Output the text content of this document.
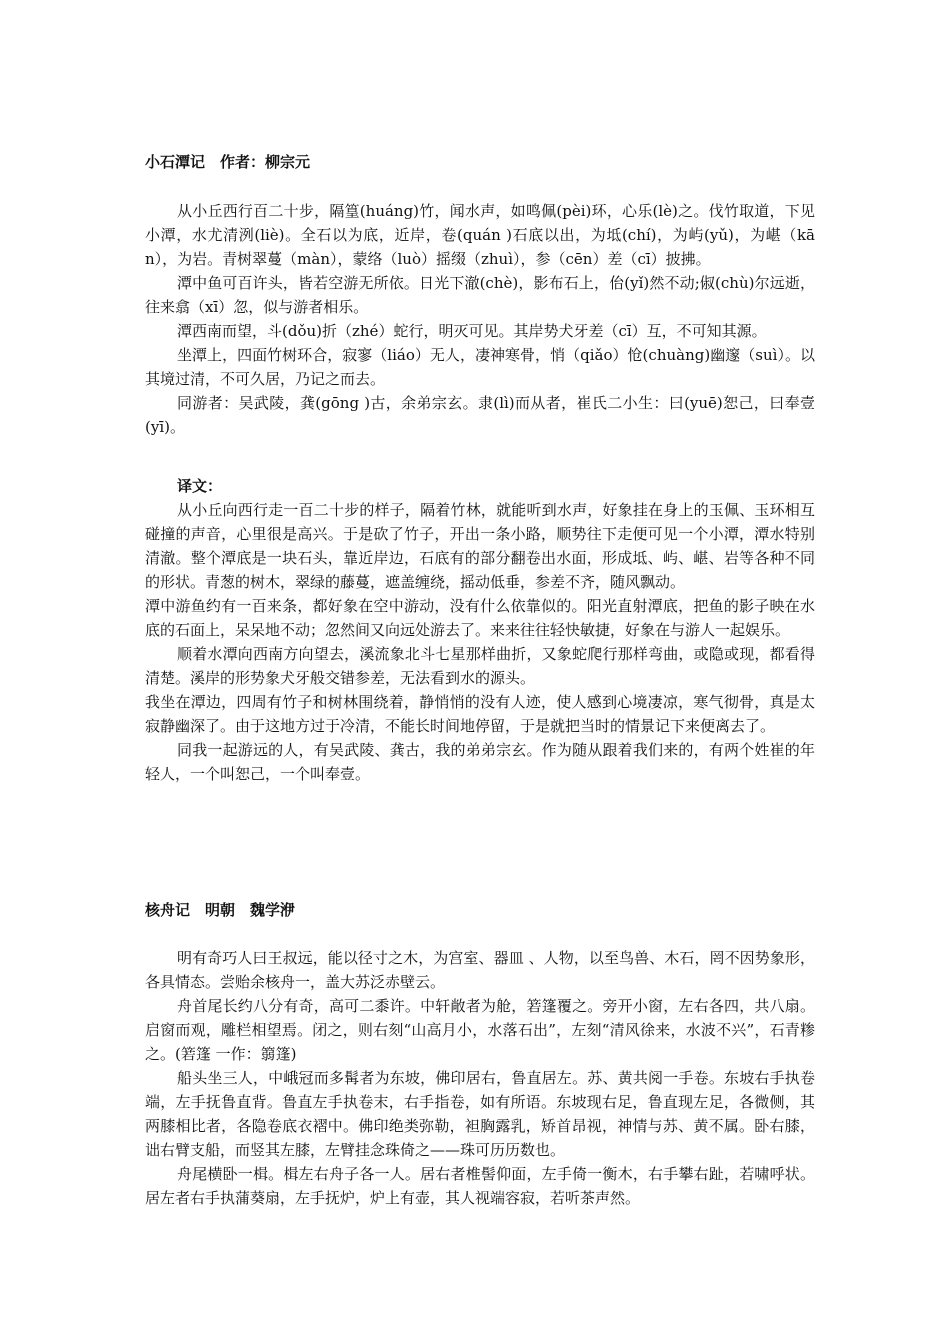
小石潭记　作者：柳宗元

从小丘西行百二十步，隔篁(huáng)竹，闻水声，如鸣佩(pèi)环，心乐(lè)之。伐竹取道，下见小潭，水尤清洌(liè)。全石以为底，近岸，卷(quán )石底以出，为坻(chí)，为屿(yǔ)，为嵁（kān），为岩。青树翠蔓（màn），蒙络（luò）摇缀（zhuì），参（cēn）差（cī）披拂。

潭中鱼可百许头，皆若空游无所依。日光下澈(chè)，影布石上，佁(yǐ)然不动;俶(chù)尔远逝，往来翕（xī）忽，似与游者相乐。

潭西南而望，斗(dǒu)折（zhé）蛇行，明灭可见。其岸势犬牙差（cī）互，不可知其源。

坐潭上，四面竹树环合，寂寥（liáo）无人，凄神寒骨，悄（qiǎo）怆(chuàng)幽邃（suì）。以其境过清，不可久居，乃记之而去。

同游者：吴武陵，龚(gōng )古，余弟宗玄。隶(lì)而从者，崔氏二小生：曰(yuē)恕己，曰奉壹(yī)。

译文：

从小丘向西行走一百二十步的样子，隔着竹林，就能听到水声，好象挂在身上的玉佩、玉环相互碰撞的声音，心里很是高兴。于是砍了竹子，开出一条小路，顺势往下走便可见一个小潭，潭水特别清澈。整个潭底是一块石头，靠近岸边，石底有的部分翻卷出水面，形成坻、屿、嵁、岩等各种不同的形状。青葱的树木，翠绿的藤蔓，遮盖缠绕，摇动低垂，参差不齐，随风飘动。

潭中游鱼约有一百来条，都好象在空中游动，没有什么依靠似的。阳光直射潭底，把鱼的影子映在水底的石面上，呆呆地不动；忽然间又向远处游去了。来来往往轻快敏捷，好象在与游人一起娱乐。

顺着水潭向西南方向望去，溪流象北斗七星那样曲折，又象蛇爬行那样弯曲，或隐或现，都看得清楚。溪岸的形势象犬牙般交错参差，无法看到水的源头。

我坐在潭边，四周有竹子和树林围绕着，静悄悄的没有人迹，使人感到心境凄凉，寒气彻骨，真是太寂静幽深了。由于这地方过于冷清，不能长时间地停留，于是就把当时的情景记下来便离去了。

同我一起游远的人，有吴武陵、龚古，我的弟弟宗玄。作为随从跟着我们来的，有两个姓崔的年轻人，一个叫恕己，一个叫奉壹。

核舟记　明朝　魏学洢

明有奇巧人曰王叔远，能以径寸之木，为宫室、器皿 、人物，以至鸟兽、木石，罔不因势象形，各具情态。尝贻余核舟一，盖大苏泛赤壁云。

舟首尾长约八分有奇，高可二黍许。中轩敞者为舱，箬篷覆之。旁开小窗，左右各四，共八扇。启窗而观，雕栏相望焉。闭之，则右刻“山高月小，水落石出”，左刻“清风徐来，水波不兴”，石青糁之。(箬篷 一作：篛篷)

船头坐三人，中峨冠而多髯者为东坡，佛印居右，鲁直居左。苏、黄共阅一手卷。东坡右手执卷端，左手抚鲁直背。鲁直左手执卷末，右手指卷，如有所语。东坡现右足，鲁直现左足，各微侧，其两膝相比者，各隐卷底衣褶中。佛印绝类弥勒，袒胸露乳，矫首昂视，神情与苏、黄不属。卧右膝，诎右臂支船，而竖其左膝，左臂挂念珠倚之——珠可历历数也。

舟尾横卧一楫。楫左右舟子各一人。居右者椎髻仰面，左手倚一衡木，右手攀右趾，若啸呼状。居左者右手执蒲葵扇，左手抚炉，炉上有壶，其人视端容寂，若听茶声然。
